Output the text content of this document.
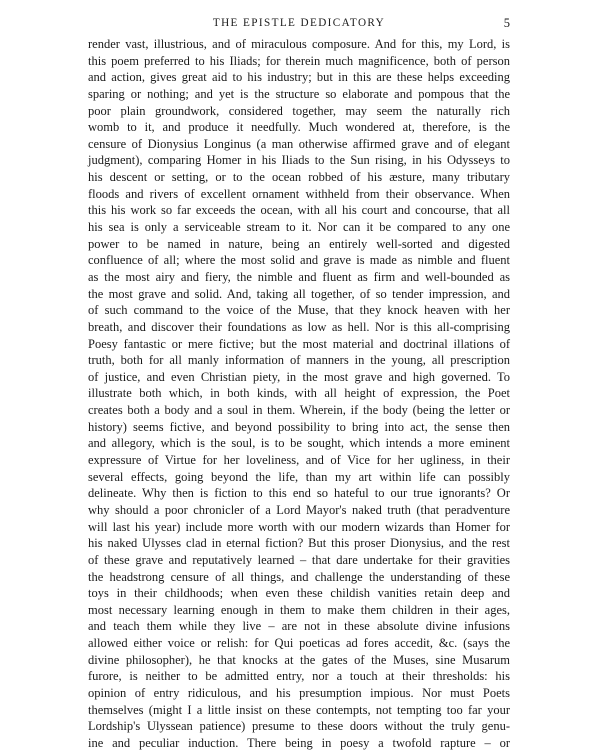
THE EPISTLE DEDICATORY	5
render vast, illustrious, and of miraculous composure. And for this, my Lord, is
this poem preferred to his Iliads; for therein much magnificence, both of person
and action, gives great aid to his industry; but in this are these helps exceeding
sparing or nothing; and yet is the structure so elaborate and pompous that the
poor plain groundwork, considered together, may seem the naturally rich
womb to it, and produce it needfully. Much wondered at, therefore, is the
censure of Dionysius Longinus (a man otherwise affirmed grave and of elegant
judgment), comparing Homer in his Iliads to the Sun rising, in his Odysseys to
his descent or setting, or to the ocean robbed of his æsture, many tributary
floods and rivers of excellent ornament withheld from their observance. When
this his work so far exceeds the ocean, with all his court and concourse, that all
his sea is only a serviceable stream to it. Nor can it be compared to any one
power to be named in nature, being an entirely well-sorted and digested
confluence of all; where the most solid and grave is made as nimble and fluent
as the most airy and fiery, the nimble and fluent as firm and well-bounded as
the most grave and solid. And, taking all together, of so tender impression, and
of such command to the voice of the Muse, that they knock heaven with her
breath, and discover their foundations as low as hell. Nor is this all-comprising
Poesy fantastic or mere fictive; but the most material and doctrinal illations of
truth, both for all manly information of manners in the young, all prescription
of justice, and even Christian piety, in the most grave and high governed. To
illustrate both which, in both kinds, with all height of expression, the Poet
creates both a body and a soul in them. Wherein, if the body (being the letter or
history) seems fictive, and beyond possibility to bring into act, the sense then
and allegory, which is the soul, is to be sought, which intends a more eminent
expressure of Virtue for her loveliness, and of Vice for her ugliness, in their
several effects, going beyond the life, than my art within life can possibly
delineate. Why then is fiction to this end so hateful to our true ignorants? Or
why should a poor chronicler of a Lord Mayor's naked truth (that peradventure
will last his year) include more worth with our modern wizards than Homer for
his naked Ulysses clad in eternal fiction? But this proser Dionysius, and the rest
of these grave and reputatively learned – that dare undertake for their gravities
the headstrong censure of all things, and challenge the understanding of these
toys in their childhoods; when even these childish vanities retain deep and
most necessary learning enough in them to make them children in their ages,
and teach them while they live – are not in these absolute divine infusions
allowed either voice or relish: for Qui poeticas ad fores accedit, &c. (says the
divine philosopher), he that knocks at the gates of the Muses, sine Musarum
furore, is neither to be admitted entry, nor a touch at their thresholds: his
opinion of entry ridiculous, and his presumption impious. Nor must Poets
themselves (might I a little insist on these contempts, not tempting too far your
Lordship's Ulyssean patience) presume to these doors without the truly genu-
ine and peculiar induction. There being in poesy a twofold rapture – or
